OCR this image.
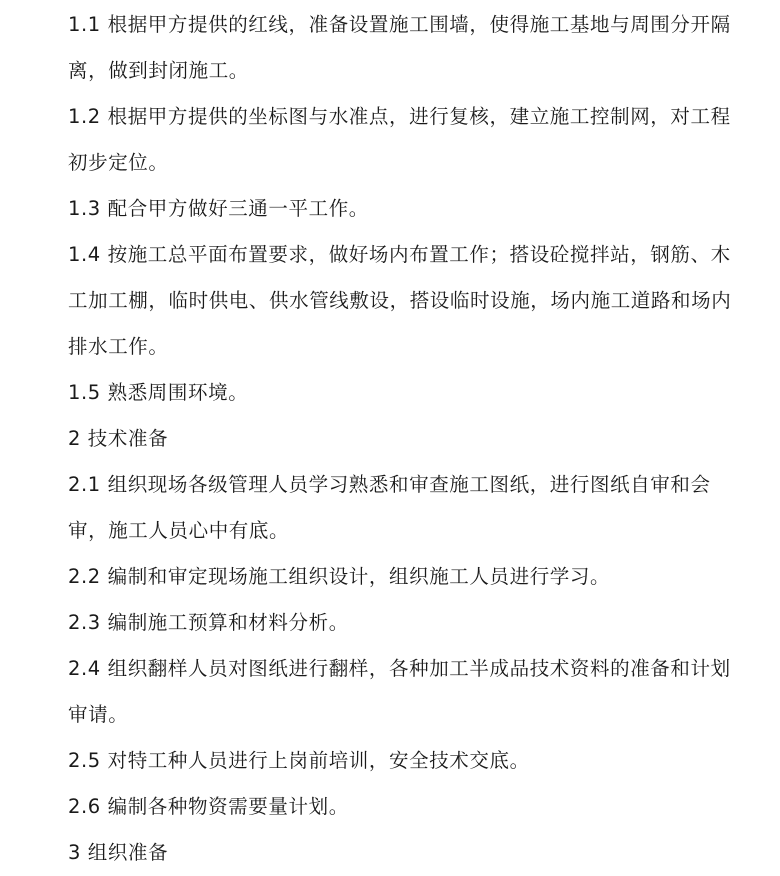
1.1 根据甲方提供的红线，准备设置施工围墙，使得施工基地与周围分开隔离，做到封闭施工。

1.2 根据甲方提供的坐标图与水准点，进行复核，建立施工控制网，对工程初步定位。

1.3 配合甲方做好三通一平工作。

1.4 按施工总平面布置要求，做好场内布置工作；搭设砼搅拌站，钢筋、木工加工棚，临时供电、供水管线敷设，搭设临时设施，场内施工道路和场内排水工作。

1.5 熟悉周围环境。

2 技术准备

2.1 组织现场各级管理人员学习熟悉和审查施工图纸，进行图纸自审和会审，施工人员心中有底。

2.2 编制和审定现场施工组织设计，组织施工人员进行学习。

2.3 编制施工预算和材料分析。

2.4 组织翻样人员对图纸进行翻样，各种加工半成品技术资料的准备和计划审请。

2.5 对特工种人员进行上岗前培训，安全技术交底。

2.6 编制各种物资需要量计划。

3 组织准备
